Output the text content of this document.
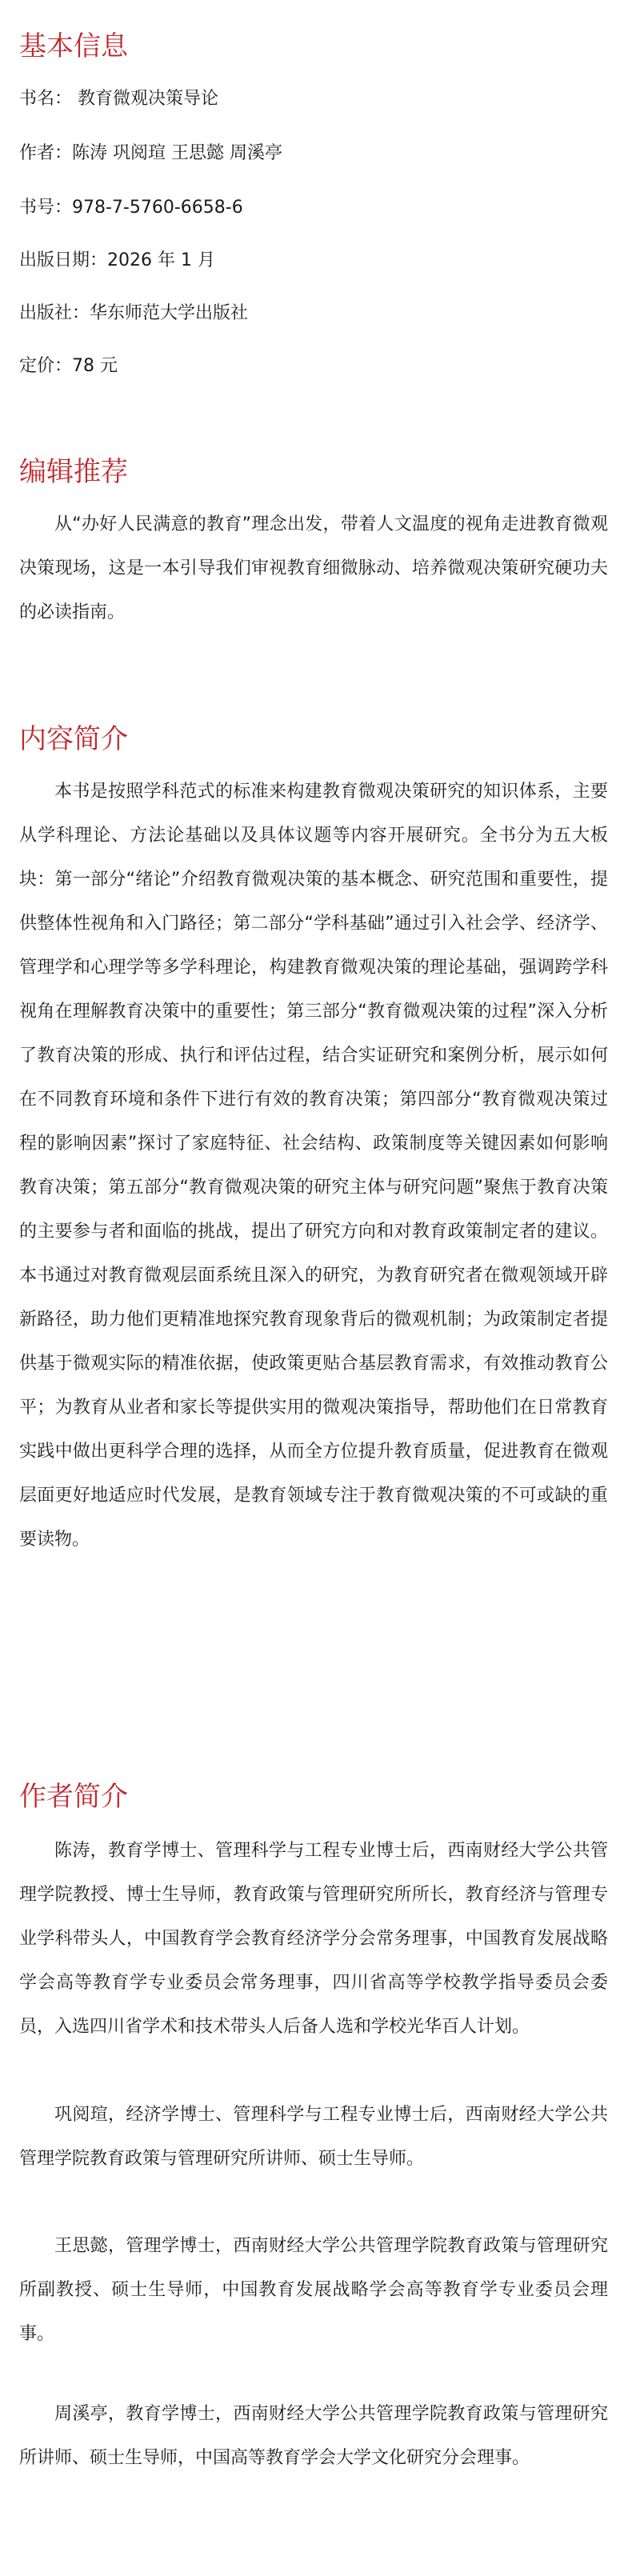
基本信息

书名： 教育微观决策导论

作者：陈涛 巩阅瑄 王思懿 周溪亭

书号：978-7-5760-6658-6

出版日期：2026 年 1 月

出版社：华东师范大学出版社

定价：78 元

编辑推荐

从“办好人民满意的教育”理念出发，带着人文温度的视角走进教育微观决策现场，这是一本引导我们审视教育细微脉动、培养微观决策研究硬功夫的必读指南。

内容简介

本书是按照学科范式的标准来构建教育微观决策研究的知识体系，主要从学科理论、方法论基础以及具体议题等内容开展研究。全书分为五大板块：第一部分“绪论”介绍教育微观决策的基本概念、研究范围和重要性，提供整体性视角和入门路径；第二部分“学科基础”通过引入社会学、经济学、管理学和心理学等多学科理论，构建教育微观决策的理论基础，强调跨学科视角在理解教育决策中的重要性；第三部分“教育微观决策的过程”深入分析了教育决策的形成、执行和评估过程，结合实证研究和案例分析，展示如何在不同教育环境和条件下进行有效的教育决策；第四部分“教育微观决策过程的影响因素”探讨了家庭特征、社会结构、政策制度等关键因素如何影响教育决策；第五部分“教育微观决策的研究主体与研究问题”聚焦于教育决策的主要参与者和面临的挑战，提出了研究方向和对教育政策制定者的建议。本书通过对教育微观层面系统且深入的研究，为教育研究者在微观领域开辟新路径，助力他们更精准地探究教育现象背后的微观机制；为政策制定者提供基于微观实际的精准依据，使政策更贴合基层教育需求，有效推动教育公平；为教育从业者和家长等提供实用的微观决策指导，帮助他们在日常教育实践中做出更科学合理的选择，从而全方位提升教育质量，促进教育在微观层面更好地适应时代发展，是教育领域专注于教育微观决策的不可或缺的重要读物。

作者简介

陈涛，教育学博士、管理科学与工程专业博士后，西南财经大学公共管理学院教授、博士生导师，教育政策与管理研究所所长，教育经济与管理专业学科带头人，中国教育学会教育经济学分会常务理事，中国教育发展战略学会高等教育学专业委员会常务理事，四川省高等学校教学指导委员会委员，入选四川省学术和技术带头人后备人选和学校光华百人计划。

巩阅瑄，经济学博士、管理科学与工程专业博士后，西南财经大学公共管理学院教育政策与管理研究所讲师、硕士生导师。

王思懿，管理学博士，西南财经大学公共管理学院教育政策与管理研究所副教授、硕士生导师，中国教育发展战略学会高等教育学专业委员会理事。

周溪亭，教育学博士，西南财经大学公共管理学院教育政策与管理研究所讲师、硕士生导师，中国高等教育学会大学文化研究分会理事。
